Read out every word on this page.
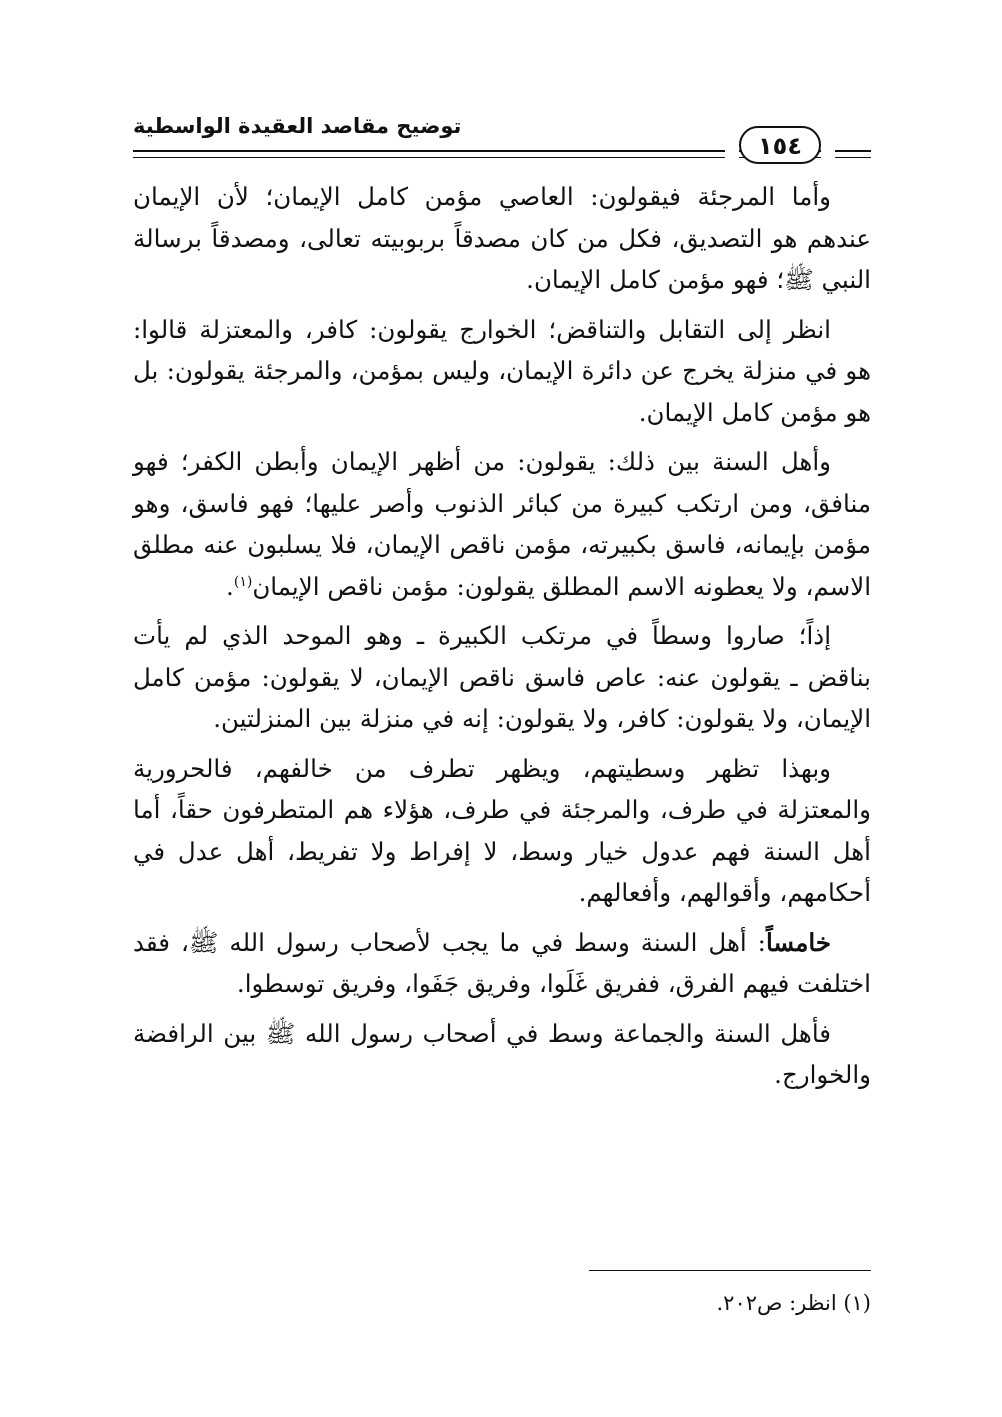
١٥٤
توضيح مقاصد العقيدة الواسطية

وأما المرجئة فيقولون: العاصي مؤمن كامل الإيمان؛ لأن الإيمان عندهم هو التصديق، فكل من كان مصدقاً بربوبيته تعالى، ومصدقاً برسالة النبي ﷺ؛ فهو مؤمن كامل الإيمان.

انظر إلى التقابل والتناقض؛ الخوارج يقولون: كافر، والمعتزلة قالوا: هو في منزلة يخرج عن دائرة الإيمان، وليس بمؤمن، والمرجئة يقولون: بل هو مؤمن كامل الإيمان.

وأهل السنة بين ذلك: يقولون: من أظهر الإيمان وأبطن الكفر؛ فهو منافق، ومن ارتكب كبيرة من كبائر الذنوب وأصر عليها؛ فهو فاسق، وهو مؤمن بإيمانه، فاسق بكبيرته، مؤمن ناقص الإيمان، فلا يسلبون عنه مطلق الاسم، ولا يعطونه الاسم المطلق يقولون: مؤمن ناقص الإيمان$^{(١)}$.

إذاً؛ صاروا وسطاً في مرتكب الكبيرة ـ وهو الموحد الذي لم يأت بناقض ـ يقولون عنه: عاص فاسق ناقص الإيمان، لا يقولون: مؤمن كامل الإيمان، ولا يقولون: كافر، ولا يقولون: إنه في منزلة بين المنزلتين.

وبهذا تظهر وسطيتهم، ويظهر تطرف من خالفهم، فالحرورية والمعتزلة في طرف، والمرجئة في طرف، هؤلاء هم المتطرفون حقاً، أما أهل السنة فهم عدول خيار وسط، لا إفراط ولا تفريط، أهل عدل في أحكامهم، وأقوالهم، وأفعالهم.

خامساً: أهل السنة وسط في ما يجب لأصحاب رسول الله ﷺ، فقد اختلفت فيهم الفرق، ففريق غَلَوا، وفريق جَفَوا، وفريق توسطوا.

فأهل السنة والجماعة وسط في أصحاب رسول الله ﷺ بين الرافضة والخوارج.

(١) انظر: ص٢٠٢.
